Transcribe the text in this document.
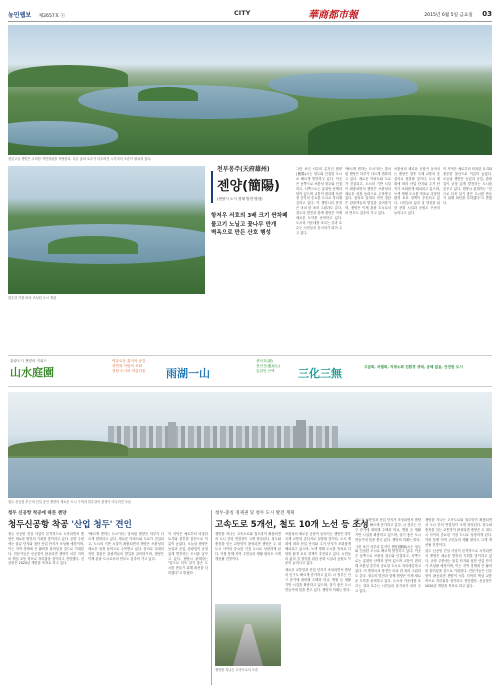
농민웹보 제2657호 ⓒ	CITY	華商都市報	2015년 6월 5일 금요일 03
천년고읍 센양은 수려한 자연경관을 자랑한다. 푸른 숲과 호수가 어우러진 시가지의 모습이 펼쳐져 있다.
한수강 가를 따라 조성된 도시 경관
천부몽주(天府雄州)
젠양(簡陽)
(센양시 도시 경제 발전 방향)
항저우 서호의 3배 크기 싼차페
물고기 노닐고 꽃나무 만개
벽옥으로 만든 산호 행성

그런 보인 서부의 분지인 젠양(簡陽)시는 청두와 인접한 도시로 빠르게 발전하고 있다. 이곳은 동쪽으로 쓰촨성 청두와 인접하고, 서쪽으로는 롱취안 산맥과 닿아 있으며 교통이 편리해 쓰촨성 중부의 중요한 도시로 자리매김하고 있다. 이 젠양시의 풍경은 마치 한 폭의 그림과도 같다. 청두의 발전과 함께 젠양은 이제 새로운 도약을 준비하고 있다. 도시의 가운데를 흐르는 강과 호수는 시민들의 휴식처가 되어 주고 있다.

"빠르게 변하는 도시"라는 말처럼 젠양은 하루가 다르게 변화하고 있다. 새로운 아파트와 도로가 건설되고, 도시의 기반 시설이 확충되면서 젠양은 쓰촨성의 새로운 성장 동력으로 주목받고 있다. 삼차호 일대의 자연 경관은 관광객들의 발길을 끌어당기며, 젠양은 이제 관광 도시로서의 면모도 갖추어 가고 있다.

쓰촨성의 새로운 공항이 들어서는 젠양은 향후 국제 교통의 중심지로 성장할 것이다. 도시 계획에 따라 산업 단지와 주거 단지가 조화롭게 배치되고 있으며, 녹색 생태 도시를 목표로 다양한 환경 보호 정책이 추진되고 있다. 시민들의 삶의 질 향상을 위한 문화 시설과 공원도 꾸준히 늘어나고 있다.

이 지역은 예로부터 비옥한 토지와 풍부한 물산으로 이름이 높았다. 오늘날 젠양은 농업과 공업, 관광업이 균형 있게 발전하는 도시를 꿈꾸고 있다. 젠양시 관계자는 "앞으로 더욱 살기 좋은 도시를 만들기 위해 최선을 다하겠다"고 밝혔다.

관광도시 젠양의 키워드
山水庭園
여유로운 휴식의 공간
자연과 사람의 조화
전원 도시의 아름다움	雨湖一山
센차호(湖)
용천산(龍泉山)
롱취안 산맥	三化三無	고급화, 차별화, 지방소화 친환경 생태, 공해 없음, 안전한 도시
청두 신공항 부근에 건설 중인 젠양의 새로운 도시 구역과 한수강의 풍경이 어우러진 모습
청두 신공항 착공에 따른 젠양
청두신공항 착공 '산업 청두' 견인

청두 신공항 건설 사업이 본격적으로 시작되면서 젠양은 새로운 발전의 기회를 맞이하고 있다. 공항 주변에는 물류 단지와 첨단 산업 단지가 조성될 예정이며, 이는 지역 경제에 큰 활력을 불어넣을 것으로 기대된다. 전문가들은 신공항이 완공되면 젠양이 서부 지역의 핵심 교통 허브로 자리잡을 것이라고 전망했다. 신공항은 2020년 개항을 목표로 하고 있다.

"빠르게 변하는 도시"라는 말처럼 젠양은 하루가 다르게 변화하고 있다. 새로운 아파트와 도로가 건설되고, 도시의 기반 시설이 확충되면서 젠양은 쓰촨성의 새로운 성장 동력으로 주목받고 있다. 삼차호 일대의 자연 경관은 관광객들의 발길을 끌어당기며, 젠양은 이제 관광 도시로서의 면모도 갖추어 가고 있다.

이 지역은 예로부터 비옥한 토지와 풍부한 물산으로 이름이 높았다. 오늘날 젠양은 농업과 공업, 관광업이 균형 있게 발전하는 도시를 꿈꾸고 있다. 젠양시 관계자는 "앞으로 더욱 살기 좋은 도시를 만들기 위해 최선을 다하겠다"고 밝혔다.

청두·충칭 경제권 및 청두 도시 발전 계획
고속도로 5개선, 철도 10개 노선 등 조성

젠양을 지나는 고속도로와 철도망이 확충되면서 도시 간의 연결성이 크게 향상된다. 청두와 충칭을 잇는 교통망이 완성되면 젠양은 두 대도시 사이의 중요한 거점 도시로 성장하게 된다. 이를 통해 지역 주민들의 생활 편의도 크게 개선될 전망이다.

쓰촨성의 새로운 공항이 들어서는 젠양은 향후 국제 교통의 중심지로 성장할 것이다. 도시 계획에 따라 산업 단지와 주거 단지가 조화롭게 배치되고 있으며, 녹색 생태 도시를 목표로 다양한 환경 보호 정책이 추진되고 있다. 시민들의 삶의 질 향상을 위한 문화 시설과 공원도 꾸준히 늘어나고 있다.

새로운 교통망과 산업 단지가 조성되면서 젠양의 인구도 빠르게 증가하고 있다. 시 정부는 인구 증가에 대비해 주택과 학교, 병원 등 생활 기반 시설을 확충하고 있으며, 살기 좋은 도시 만들기에 힘을 쏟고 있다. 젠양의 미래는 밝다.

젠양을 지나는 고속도로의 모습

새로운 교통망과 산업 단지가 조성되면서 젠양의 인구도 빠르게 증가하고 있다. 시 정부는 인구 증가에 대비해 주택과 학교, 병원 등 생활 기반 시설을 확충하고 있으며, 살기 좋은 도시 만들기에 힘을 쏟고 있다. 젠양의 미래는 밝다.

그런 보인 서부의 분지인 젠양(簡陽)시는 청두와 인접한 도시로 빠르게 발전하고 있다. 이곳은 동쪽으로 쓰촨성 청두와 인접하고, 서쪽으로는 롱취안 산맥과 닿아 있으며 교통이 편리해 쓰촨성 중부의 중요한 도시로 자리매김하고 있다. 이 젠양시의 풍경은 마치 한 폭의 그림과도 같다. 청두의 발전과 함께 젠양은 이제 새로운 도약을 준비하고 있다. 도시의 가운데를 흐르는 강과 호수는 시민들의 휴식처가 되어 주고 있다.

젠양을 지나는 고속도로와 철도망이 확충되면서 도시 간의 연결성이 크게 향상된다. 청두와 충칭을 잇는 교통망이 완성되면 젠양은 두 대도시 사이의 중요한 거점 도시로 성장하게 된다. 이를 통해 지역 주민들의 생활 편의도 크게 개선될 전망이다.

청두 신공항 건설 사업이 본격적으로 시작되면서 젠양은 새로운 발전의 기회를 맞이하고 있다. 공항 주변에는 물류 단지와 첨단 산업 단지가 조성될 예정이며, 이는 지역 경제에 큰 활력을 불어넣을 것으로 기대된다. 전문가들은 신공항이 완공되면 젠양이 서부 지역의 핵심 교통 허브로 자리잡을 것이라고 전망했다. 신공항은 2020년 개항을 목표로 하고 있다.
